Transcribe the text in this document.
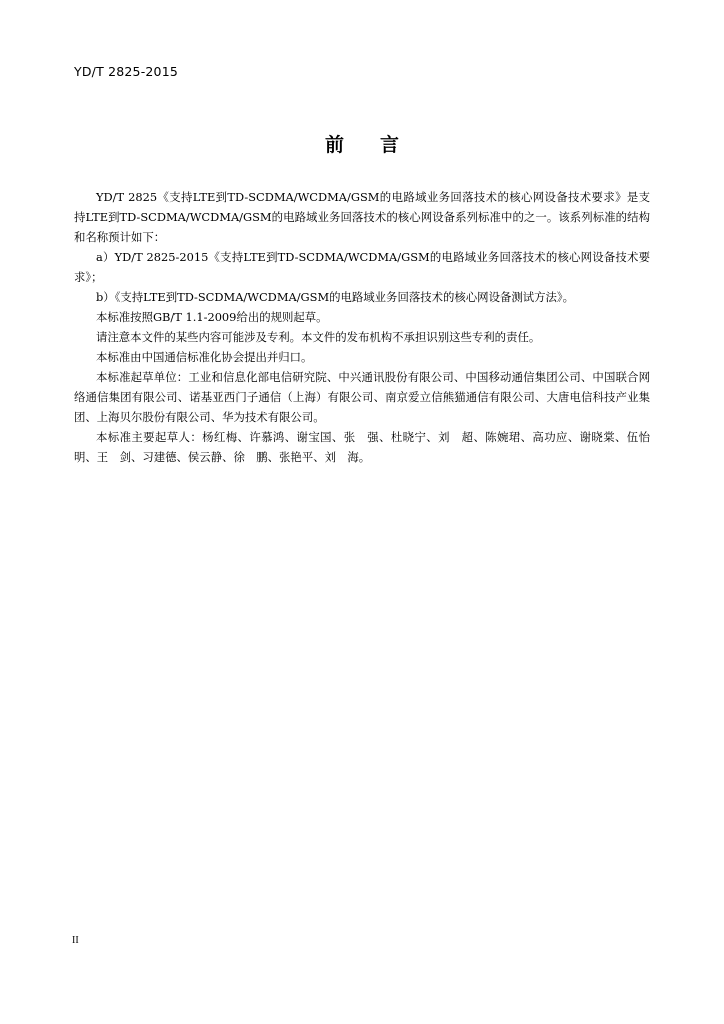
YD/T 2825-2015
前 言

YD/T 2825《支持LTE到TD-SCDMA/WCDMA/GSM的电路域业务回落技术的核心网设备技术要求》是支持LTE到TD-SCDMA/WCDMA/GSM的电路域业务回落技术的核心网设备系列标准中的之一。该系列标准的结构和名称预计如下：

a）YD/T 2825-2015《支持LTE到TD-SCDMA/WCDMA/GSM的电路域业务回落技术的核心网设备技术要求》；

b）《支持LTE到TD-SCDMA/WCDMA/GSM的电路域业务回落技术的核心网设备测试方法》。

本标准按照GB/T 1.1-2009给出的规则起草。

请注意本文件的某些内容可能涉及专利。本文件的发布机构不承担识别这些专利的责任。

本标准由中国通信标准化协会提出并归口。

本标准起草单位：工业和信息化部电信研究院、中兴通讯股份有限公司、中国移动通信集团公司、中国联合网络通信集团有限公司、诺基亚西门子通信（上海）有限公司、南京爱立信熊猫通信有限公司、大唐电信科技产业集团、上海贝尔股份有限公司、华为技术有限公司。

本标准主要起草人：杨红梅、许慕鸿、谢宝国、张　强、杜晓宁、刘　超、陈婉珺、高功应、谢晓棠、伍怡明、王　剑、习建德、侯云静、徐　鹏、张艳平、刘　海。

II
